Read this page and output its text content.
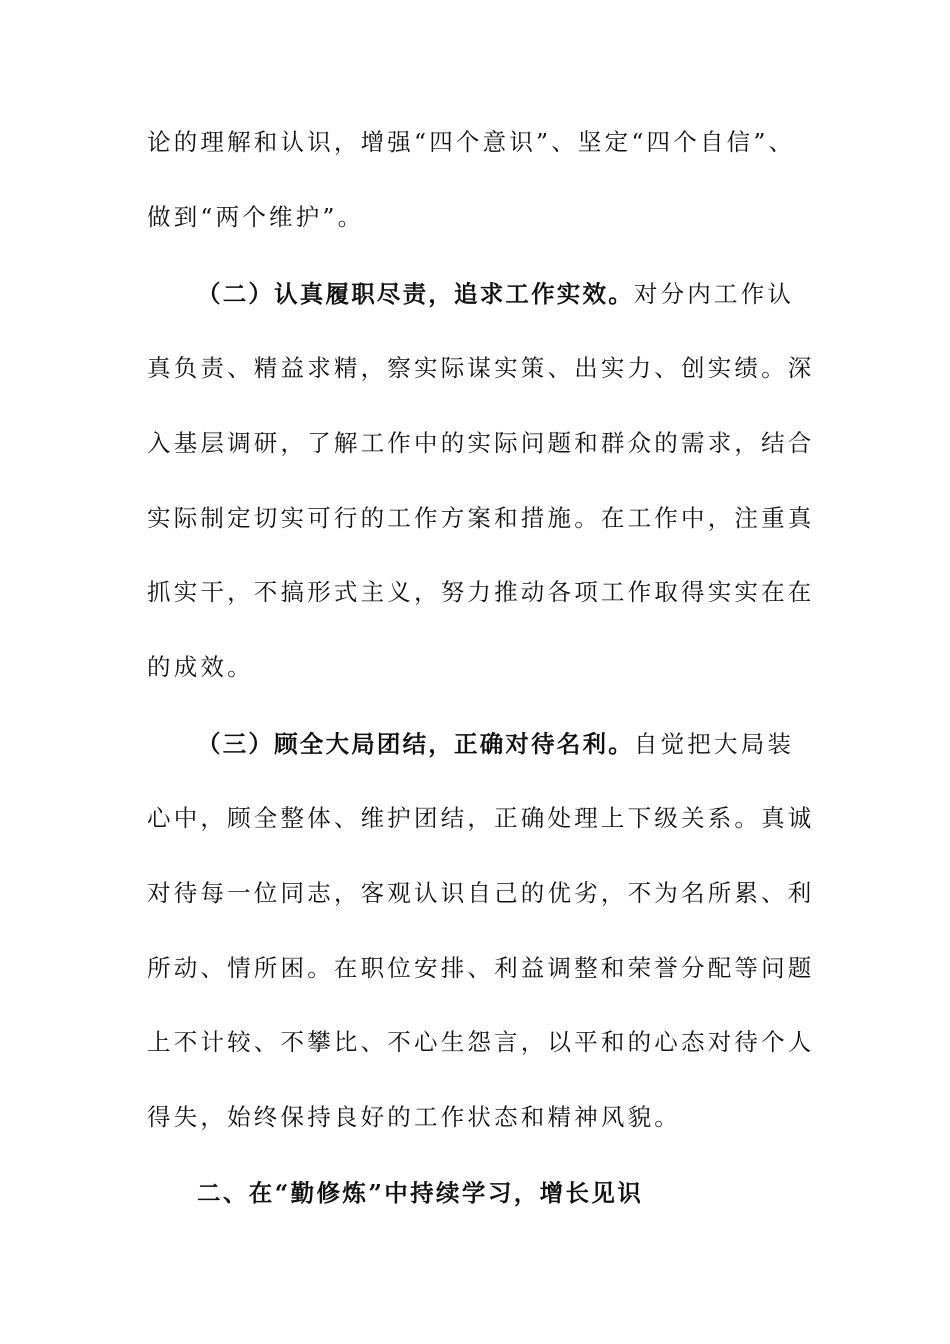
论的理解和认识，增强“四个意识”、坚定“四个自信”、
做到“两个维护”。
（二）认真履职尽责，追求工作实效。对分内工作认
真负责、精益求精，察实际谋实策、出实力、创实绩。深
入基层调研，了解工作中的实际问题和群众的需求，结合
实际制定切实可行的工作方案和措施。在工作中，注重真
抓实干，不搞形式主义，努力推动各项工作取得实实在在
的成效。
（三）顾全大局团结，正确对待名利。自觉把大局装
心中，顾全整体、维护团结，正确处理上下级关系。真诚
对待每一位同志，客观认识自己的优劣，不为名所累、利
所动、情所困。在职位安排、利益调整和荣誉分配等问题
上不计较、不攀比、不心生怨言，以平和的心态对待个人
得失，始终保持良好的工作状态和精神风貌。
二、在“勤修炼”中持续学习，增长见识
